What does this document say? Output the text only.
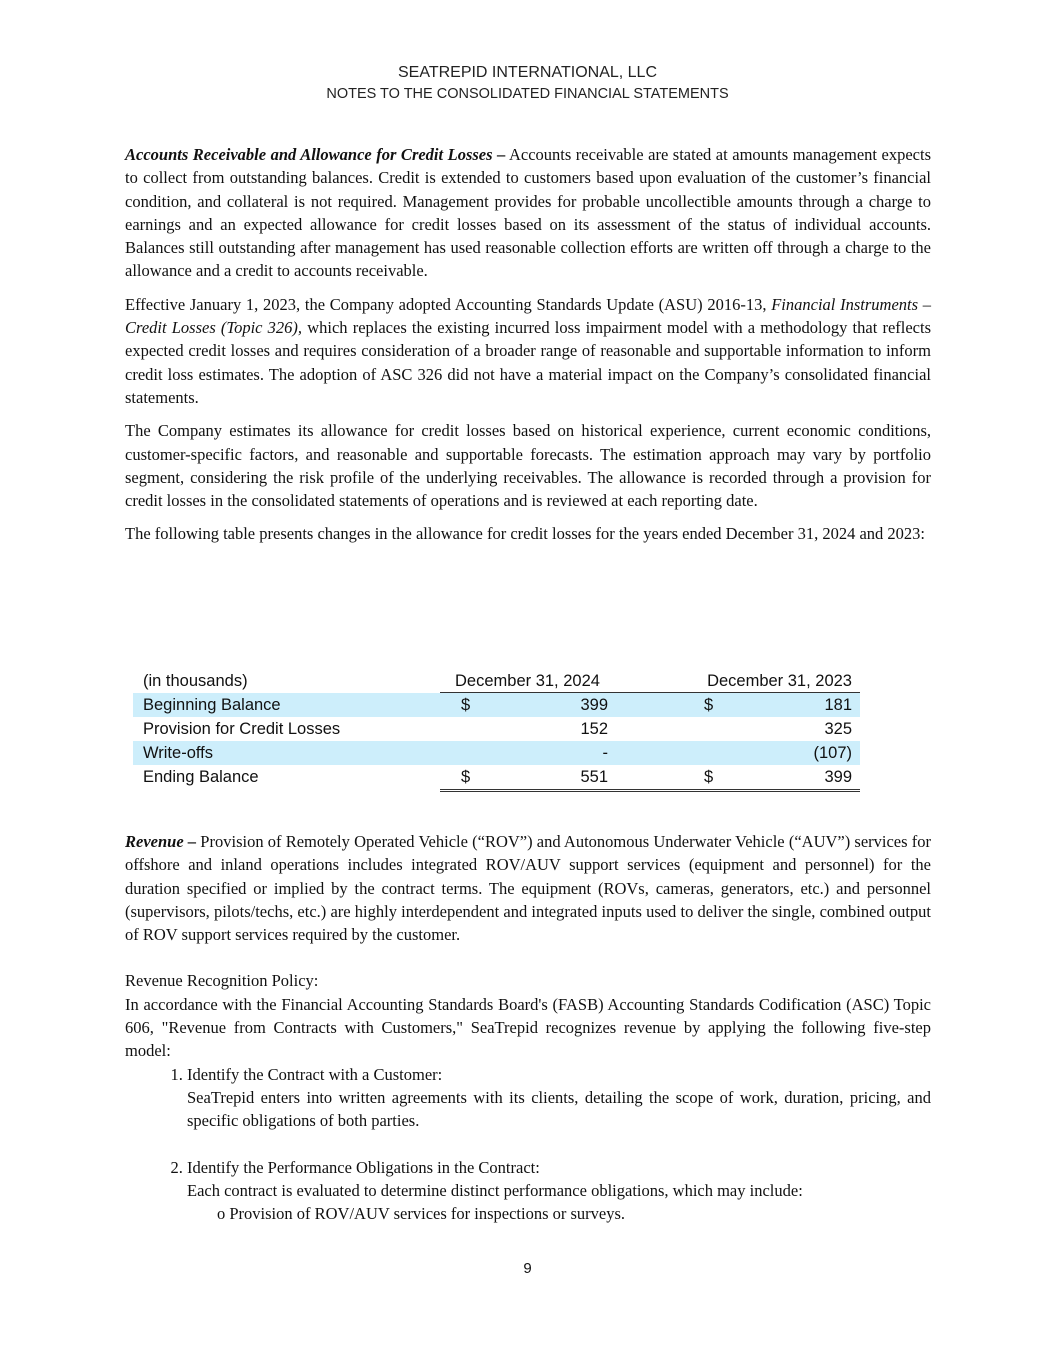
SEATREPID INTERNATIONAL, LLC
NOTES TO THE CONSOLIDATED FINANCIAL STATEMENTS

Accounts Receivable and Allowance for Credit Losses – Accounts receivable are stated at amounts management expects to collect from outstanding balances. Credit is extended to customers based upon evaluation of the customer’s financial condition, and collateral is not required. Management provides for probable uncollectible amounts through a charge to earnings and an expected allowance for credit losses based on its assessment of the status of individual accounts. Balances still outstanding after management has used reasonable collection efforts are written off through a charge to the allowance and a credit to accounts receivable.

Effective January 1, 2023, the Company adopted Accounting Standards Update (ASU) 2016-13, Financial Instruments – Credit Losses (Topic 326), which replaces the existing incurred loss impairment model with a methodology that reflects expected credit losses and requires consideration of a broader range of reasonable and supportable information to inform credit loss estimates. The adoption of ASC 326 did not have a material impact on the Company’s consolidated financial statements.

The Company estimates its allowance for credit losses based on historical experience, current economic conditions, customer-specific factors, and reasonable and supportable forecasts. The estimation approach may vary by portfolio segment, considering the risk profile of the underlying receivables. The allowance is recorded through a provision for credit losses in the consolidated statements of operations and is reviewed at each reporting date.

The following table presents changes in the allowance for credit losses for the years ended December 31, 2024 and 2023:

(in thousands)	December 31, 2024	December 31, 2023
Beginning Balance	$	399	$	181
Provision for Credit Losses	152	325
Write-offs	-	(107)
Ending Balance	$	551	$	399

Revenue – Provision of Remotely Operated Vehicle (“ROV”) and Autonomous Underwater Vehicle (“AUV”) services for offshore and inland operations includes integrated ROV/AUV support services (equipment and personnel) for the duration specified or implied by the contract terms. The equipment (ROVs, cameras, generators, etc.) and personnel (supervisors, pilots/techs, etc.) are highly interdependent and integrated inputs used to deliver the single, combined output of ROV support services required by the customer.

Revenue Recognition Policy:
In accordance with the Financial Accounting Standards Board's (FASB) Accounting Standards Codification (ASC) Topic 606, "Revenue from Contracts with Customers," SeaTrepid recognizes revenue by applying the following five-step model:
1. Identify the Contract with a Customer:
SeaTrepid enters into written agreements with its clients, detailing the scope of work, duration, pricing, and specific obligations of both parties.
2. Identify the Performance Obligations in the Contract:
Each contract is evaluated to determine distinct performance obligations, which may include:
o Provision of ROV/AUV services for inspections or surveys.
9
